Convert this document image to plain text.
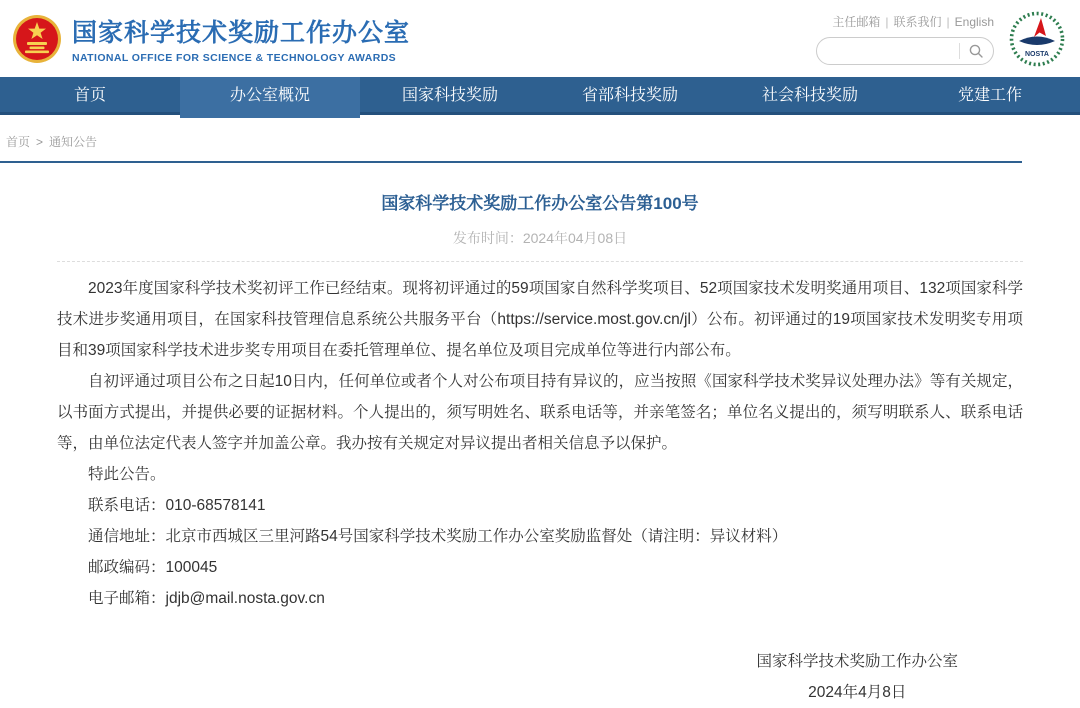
国家科学技术奖励工作办公室
NATIONAL OFFICE FOR SCIENCE & TECHNOLOGY AWARDS
主任邮箱 | 联系我们 | English
NOSTA
首页	办公室概况	国家科技奖励	省部科技奖励	社会科技奖励	党建工作
首页 > 通知公告
国家科学技术奖励工作办公室公告第100号
发布时间：2024年04月08日

2023年度国家科学技术奖初评工作已经结束。现将初评通过的59项国家自然科学奖项目、52项国家技术发明奖通用项目、132项国家科学技术进步奖通用项目，在国家科技管理信息系统公共服务平台（https://service.most.gov.cn/jl）公布。初评通过的19项国家技术发明奖专用项目和39项国家科学技术进步奖专用项目在委托管理单位、提名单位及项目完成单位等进行内部公布。

自初评通过项目公布之日起10日内，任何单位或者个人对公布项目持有异议的，应当按照《国家科学技术奖异议处理办法》等有关规定，以书面方式提出，并提供必要的证据材料。个人提出的，须写明姓名、联系电话等，并亲笔签名；单位名义提出的，须写明联系人、联系电话等，由单位法定代表人签字并加盖公章。我办按有关规定对异议提出者相关信息予以保护。

特此公告。

联系电话：010-68578141

通信地址：北京市西城区三里河路54号国家科学技术奖励工作办公室奖励监督处（请注明：异议材料）

邮政编码：100045

电子邮箱：jdjb@mail.nosta.gov.cn

国家科学技术奖励工作办公室
2024年4月8日
